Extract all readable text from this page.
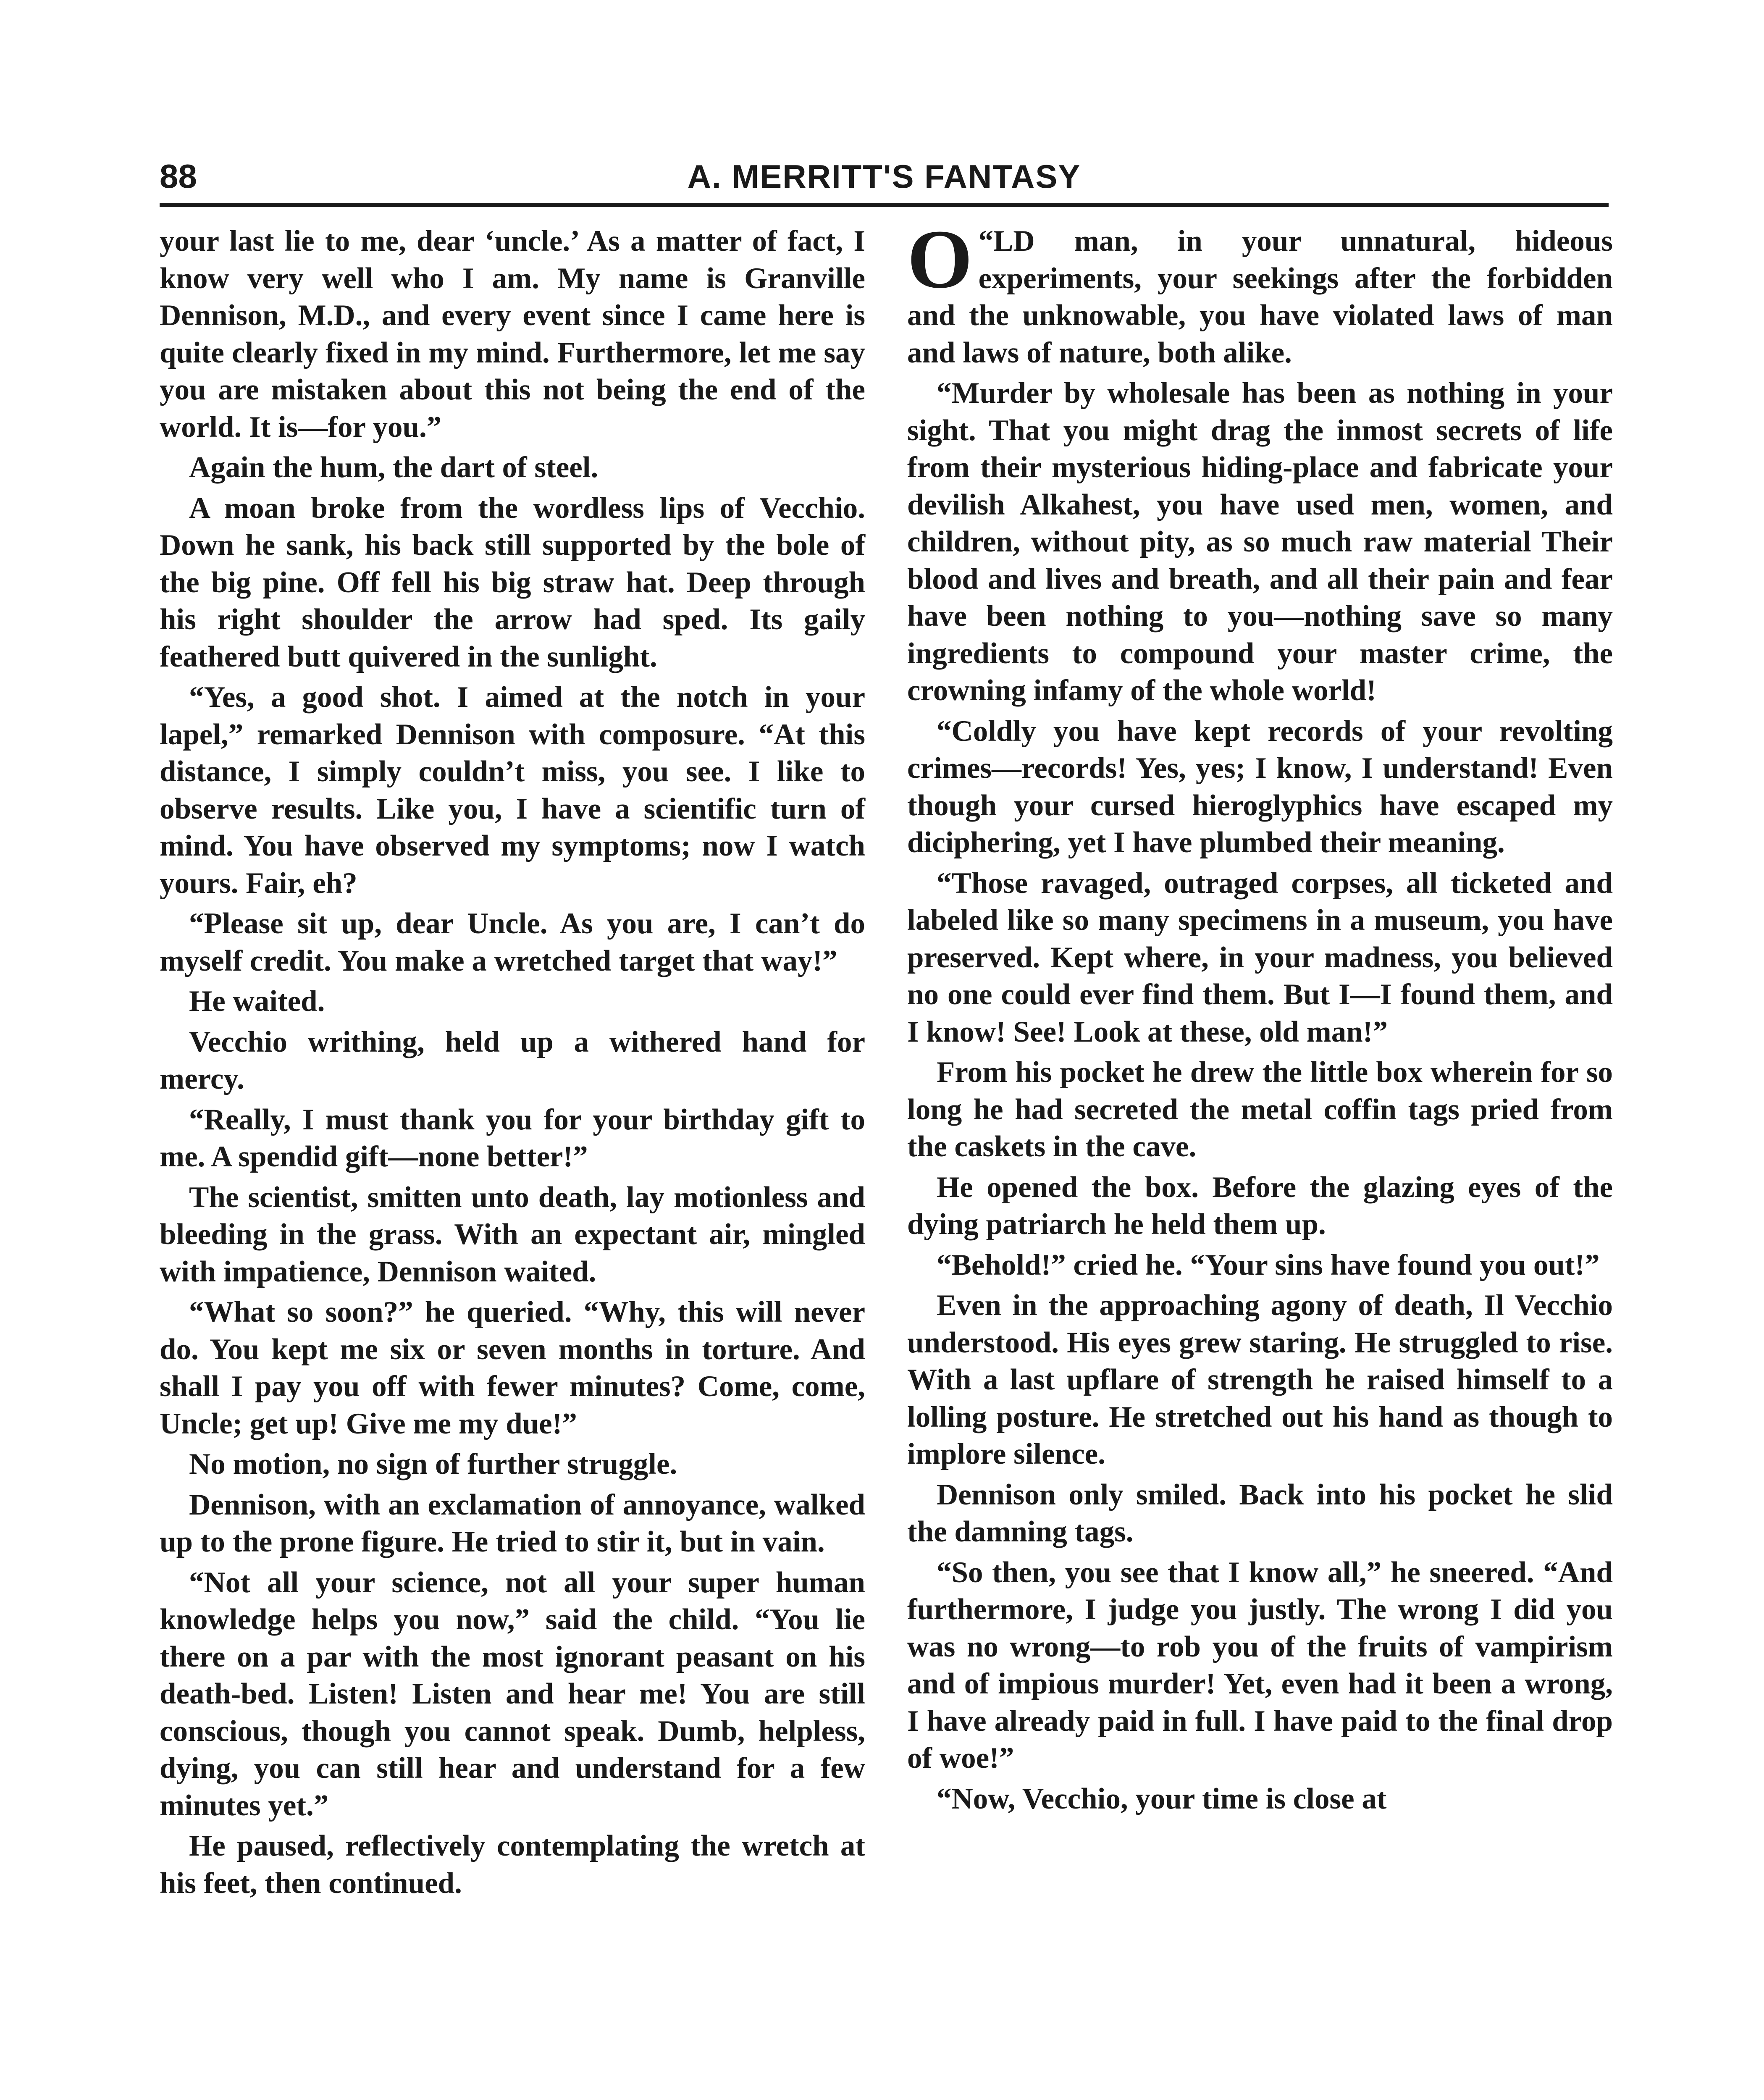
88	A. MERRITT'S FANTASY

your last lie to me, dear ‘uncle.’ As a matter of fact, I know very well who I am. My name is Granville Dennison, M.D., and every event since I came here is quite clearly fixed in my mind. Furthermore, let me say you are mistaken about this not being the end of the world. It is—for you.”

Again the hum, the dart of steel.

A moan broke from the wordless lips of Vecchio. Down he sank, his back still supported by the bole of the big pine. Off fell his big straw hat. Deep through his right shoulder the arrow had sped. Its gaily feathered butt quivered in the sunlight.

“Yes, a good shot. I aimed at the notch in your lapel,” remarked Dennison with composure. “At this distance, I simply couldn’t miss, you see. I like to observe results. Like you, I have a scientific turn of mind. You have observed my symptoms; now I watch yours. Fair, eh?

“Please sit up, dear Uncle. As you are, I can’t do myself credit. You make a wretched target that way!”

He waited.

Vecchio writhing, held up a withered hand for mercy.

“Really, I must thank you for your birthday gift to me. A spendid gift—none better!”

The scientist, smitten unto death, lay motionless and bleeding in the grass. With an expectant air, mingled with impatience, Dennison waited.

“What so soon?” he queried. “Why, this will never do. You kept me six or seven months in torture. And shall I pay you off with fewer minutes? Come, come, Uncle; get up! Give me my due!”

No motion, no sign of further struggle.

Dennison, with an exclamation of annoyance, walked up to the prone figure. He tried to stir it, but in vain.

“Not all your science, not all your super human knowledge helps you now,” said the child. “You lie there on a par with the most ignorant peasant on his death-bed. Listen! Listen and hear me! You are still conscious, though you cannot speak. Dumb, helpless, dying, you can still hear and understand for a few minutes yet.”

He paused, reflectively contemplating the wretch at his feet, then continued.

“
O LD man, in your unnatural, hideous experiments, your seekings after the forbidden and the unknowable, you have violated laws of man and laws of nature, both alike.

“Murder by wholesale has been as nothing in your sight. That you might drag the inmost secrets of life from their mysterious hiding-place and fabricate your devilish Alkahest, you have used men, women, and children, without pity, as so much raw material Their blood and lives and breath, and all their pain and fear have been nothing to you—nothing save so many ingredients to compound your master crime, the crowning infamy of the whole world!

“Coldly you have kept records of your revolting crimes—records! Yes, yes; I know, I understand! Even though your cursed hieroglyphics have escaped my diciphering, yet I have plumbed their meaning.

“Those ravaged, outraged corpses, all ticketed and labeled like so many specimens in a museum, you have preserved. Kept where, in your madness, you believed no one could ever find them. But I—I found them, and I know! See! Look at these, old man!”

From his pocket he drew the little box wherein for so long he had secreted the metal coffin tags pried from the caskets in the cave.

He opened the box. Before the glazing eyes of the dying patriarch he held them up.

“Behold!” cried he. “Your sins have found you out!”

Even in the approaching agony of death, Il Vecchio understood. His eyes grew staring. He struggled to rise. With a last upflare of strength he raised himself to a lolling posture. He stretched out his hand as though to implore silence.

Dennison only smiled. Back into his pocket he slid the damning tags.

“So then, you see that I know all,” he sneered. “And furthermore, I judge you justly. The wrong I did you was no wrong—to rob you of the fruits of vampirism and of impious murder! Yet, even had it been a wrong, I have already paid in full. I have paid to the final drop of woe!”

“Now, Vecchio, your time is close at
